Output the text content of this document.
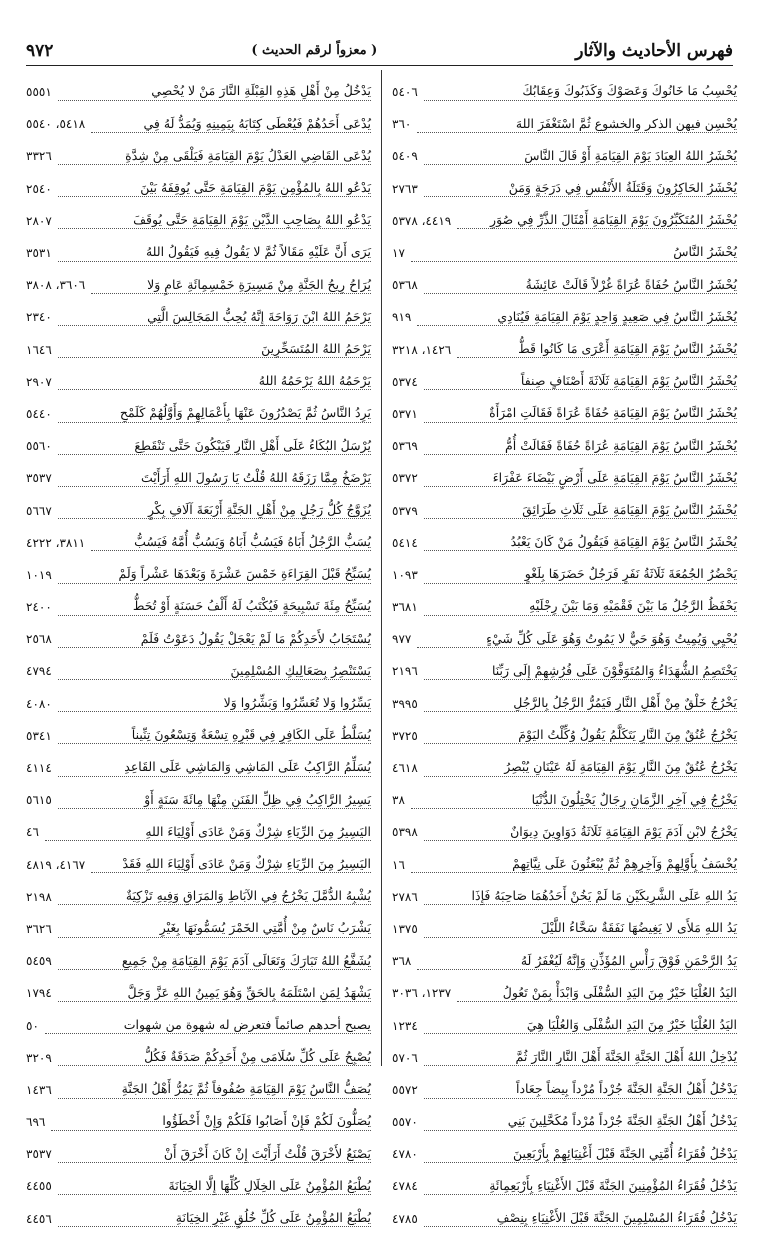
فهرس الأحاديث والآثار
( معزواً لرقم الحديث )
٩٧٢
يُحْسِبُ مَا خَانُوكَ وَعَصَوْكَ وَكَذَبُوكَ وَعِقَابُكَ
٥٤٠٦
يُحْسِن فيهن الذكر والخشوع ثُمَّ اسْتَغْفَرَ اللهَ
٣٦٠
يُحْشَرُ اللهُ العِبَادَ يَوْمَ القِيَامَةِ أَوْ قَالَ النَّاسَ
٥٤٠٩
يُحْشَرُ الحَاكِرُونَ وَقَتَلَةُ الأَنْفُسِ فِي دَرَجَةٍ وَمَنْ
٢٧٦٣
يُحْشَرُ المُتَكَبِّرُونَ يَوْمَ القِيَامَةِ أَمْثَالَ الذَّرِّ فِي صُوَرِ
٤٤١٩، ٥٣٧٨
يُحْشَرُ النَّاسُ
١٧
يُحْشَرُ النَّاسُ حُفَاةً عُرَاةً غُرْلاً قَالَتْ عَائِشَةُ
٥٣٦٨
يُحْشَرُ النَّاسُ فِي صَعِيدٍ وَاحِدٍ يَوْمَ القِيَامَةِ فَيُنَادِي
٩١٩
يُحْشَرُ النَّاسُ يَوْمَ القِيَامَةِ أَعْرَى مَا كَانُوا قَطُّ
١٤٢٦، ٣٢١٨
يُحْشَرُ النَّاسُ يَوْمَ القِيَامَةِ ثَلَاثَةَ أَصْنَافٍ صِنفاً
٥٣٧٤
يُحْشَرُ النَّاسُ يَوْمَ القِيَامَةِ حُفَاةً عُرَاةً فَقَالَتِ امْرَأَةٌ
٥٣٧١
يُحْشَرُ النَّاسُ يَوْمَ القِيَامَةِ عُرَاةً حُفَاةً فَقَالَتْ أُمُّ
٥٣٦٩
يُحْشَرُ النَّاسُ يَوْمَ القِيَامَةِ عَلَى أَرْضٍ بَيْضَاءَ عَفْرَاءَ
٥٣٧٢
يُحْشَرُ النَّاسُ يَوْمَ القِيَامَةِ عَلَى ثَلَاثِ طَرَائِقَ
٥٣٧٩
يُحْشَرُ النَّاسُ يَوْمَ القِيَامَةِ فَيَقُولُ مَنْ كَانَ يَعْبُدُ
٥٤١٤
يَحْضُرُ الجُمُعَةَ ثَلَاثَةُ نَفَرٍ فَرَجُلٌ حَضَرَهَا بِلَغْوٍ
١٠٩٣
يَحْفَظُ الرَّجُلُ مَا بَيْنَ فَقْمَيْهِ وَمَا بَيْنَ رِجْلَيْهِ
٣٦٨١
يُحْيِي وَيُمِيتُ وَهُوَ حَيٌّ لا يَمُوتُ وَهُوَ عَلَى كُلِّ شَيْءٍ
٩٧٧
يَخْتَصِمُ الشُّهَدَاءُ وَالمُتَوَفَّوْنَ عَلَى فُرُشِهِمْ إِلَى رَبِّنَا
٢١٩٦
يَخْرُجُ خَلْقٌ مِنْ أَهْلِ النَّارِ فَيَمُرُّ الرَّجُلُ بِالرَّجُلِ
٣٩٩٥
يَخْرُجُ عُنُقٌ مِنَ النَّارِ يَتَكَلَّمُ يَقُولُ وُكِّلْتُ اليَوْمَ
٣٧٢٥
يَخْرُجُ عُنُقٌ مِنَ النَّارِ يَوْمَ القِيَامَةِ لَهُ عَيْنَانِ يُبْصِرُ
٤٦١٨
يَخْرُجُ فِي آخِرِ الزَّمَانِ رِجَالٌ يَخْتِلُونَ الدُّنْيَا
٣٨
يَخْرُجُ لابْنِ آدَمَ يَوْمَ القِيَامَةِ ثَلَاثَةُ دَوَاوِينَ دِيوَانٌ
٥٣٩٨
يُخْسَفُ بِأَوَّلِهِمْ وَآخِرِهِمْ ثُمَّ يُبْعَثُونَ عَلَى نِيَّاتِهِمْ
١٦
يَدُ اللهِ عَلَى الشَّرِيكَيْنِ مَا لَمْ يَخُنْ أَحَدُهُمَا صَاحِبَهُ فَإِذَا
٢٧٨٦
يَدُ اللهِ مَلأَى لا يَغِيضُهَا نَفَقَةٌ سَحَّاءُ اللَّيْلَ
١٣٧٥
يَدُ الرَّحْمَنِ فَوْقَ رَأْسِ المُؤَذِّنِ وَإِنَّهُ لَيُغْفَرُ لَهُ
٣٦٨
اليَدُ العُلْيَا خَيْرٌ مِنَ اليَدِ السُّفْلَى وَابْدَأْ بِمَنْ تَعُولُ
١٢٣٧، ٣٠٣٦
اليَدُ العُلْيَا خَيْرٌ مِنَ اليَدِ السُّفْلَى وَالعُلْيَا هِيَ
١٢٣٤
يُدْخِلُ اللهُ أَهْلَ الجَنَّةِ الجَنَّةَ أَهْلَ النَّارِ النَّارَ ثُمَّ
٥٧٠٦
يَدْخُلُ أَهْلُ الجَنَّةِ الجَنَّةَ جُرْداً مُرْداً بِيضاً جِعَاداً
٥٥٧٢
يَدْخُلُ أَهْلُ الجَنَّةِ الجَنَّةَ جُرْداً مُرْداً مُكَحَّلِينَ بَنِي
٥٥٧٠
يَدْخُلُ فُقَرَاءُ أُمَّتِي الجَنَّةَ قَبْلَ أَغْنِيَائِهِمْ بِأَرْبَعِينَ
٤٧٨٠
يَدْخُلُ فُقَرَاءُ المُؤْمِنِينَ الجَنَّةَ قَبْلَ الأَغْنِيَاءِ بِأَرْبَعِمِائَةِ
٤٧٨٤
يَدْخُلُ فُقَرَاءُ المُسْلِمِينَ الجَنَّةَ قَبْلَ الأَغْنِيَاءِ بِنِصْفِ
٤٧٨٥
يَدْخُلُ مِنْ أَهْلِ هَذِهِ القِبْلَةِ النَّارَ مَنْ لا يُحْصِي
٥٥٥١
يُدْعَى أَحَدُهُمْ فَيُعْطَى كِتَابَهُ بِيَمِينِهِ وَيُمَدُّ لَهُ فِي
٥٤١٨، ٥٥٤٠
يُدْعَى القَاضِي العَدْلُ يَوْمَ القِيَامَةِ فَيَلْقَى مِنْ شِدَّةِ
٣٣٢٦
يَدْعُو اللهُ بِالمُؤْمِنِ يَوْمَ القِيَامَةِ حَتَّى يُوقِفَهُ بَيْنَ
٢٥٤٠
يَدْعُو اللهُ بِصَاحِبِ الدَّيْنِ يَوْمَ القِيَامَةِ حَتَّى يُوقَفَ
٢٨٠٧
يَرَى أَنَّ عَلَيْهِ مَقَالاً ثُمَّ لا يَقُولُ فِيهِ فَيَقُولُ اللهُ
٣٥٣١
يُرَاحُ رِيحُ الجَنَّةِ مِنْ مَسِيرَةِ خَمْسِمِائَةِ عَامٍ وَلا
٣٦٠٦، ٣٨٠٨
يَرْحَمُ اللهُ ابْنَ رَوَاحَةَ إِنَّهُ يُحِبُّ المَجَالِسَ الَّتِي
٢٣٤٠
يَرْحَمُ اللهُ المُتَسَحِّرِينَ
١٦٤٦
يَرْحَمُهُ اللهُ يَرْحَمُهُ اللهُ
٢٩٠٧
يَرِدُ النَّاسُ ثُمَّ يَصْدُرُونَ عَنْهَا بِأَعْمَالِهِمْ وَأَوَّلُهُمْ كَلَمْحِ
٥٤٤٠
يُرْسَلُ البُكَاءُ عَلَى أَهْلِ النَّارِ فَيَبْكُونَ حَتَّى تَنْقَطِعَ
٥٥٦٠
يَرْضَخُ مِمَّا رَزَقَهُ اللهُ قُلْتُ يَا رَسُولَ اللهِ أَرَأَيْتَ
٣٥٣٧
يُزَوَّجُ كُلُّ رَجُلٍ مِنْ أَهْلِ الجَنَّةِ أَرْبَعَةَ آلَافِ بِكْرٍ
٥٦٦٧
يُسَبُّ الرَّجُلُ أَبَاهُ فَيَسُبُّ أَبَاهُ وَيَسُبُّ أُمَّهُ فَيَسُبُّ
٣٨١١، ٤٢٢٢
يُسَبِّحُ قَبْلَ القِرَاءَةِ خَمْسَ عَشْرَةَ وَبَعْدَهَا عَشْراً وَلَمْ
١٠١٩
يُسَبِّحُ مِئَةَ تَسْبِيحَةٍ فَيُكْتَبُ لَهُ أَلْفُ حَسَنَةٍ أَوْ تُحَطُّ
٢٤٠٠
يُسْتَجَابُ لأَحَدِكُمْ مَا لَمْ يَعْجَلْ يَقُولُ دَعَوْتُ فَلَمْ
٢٥٦٨
يَسْتَنْصِرُ بِصَعَالِيكِ المُسْلِمِينَ
٤٧٩٤
يَسِّرُوا وَلا تُعَسِّرُوا وَبَشِّرُوا وَلا
٤٠٨٠
يُسَلَّطُ عَلَى الكَافِرِ فِي قَبْرِهِ تِسْعَةٌ وَتِسْعُونَ تِنِّيناً
٥٣٤١
يُسَلِّمُ الرَّاكِبُ عَلَى المَاشِي وَالمَاشِي عَلَى القَاعِدِ
٤١١٤
يَسِيرُ الرَّاكِبُ فِي ظِلِّ الفَنَنِ مِنْهَا مِائَةَ سَنَةٍ أَوْ
٥٦١٥
اليَسِيرُ مِنَ الرِّيَاءِ شِرْكٌ وَمَنْ عَادَى أَوْلِيَاءَ اللهِ
٤٦
اليَسِيرُ مِنَ الرِّيَاءِ شِرْكٌ وَمَنْ عَادَى أَوْلِيَاءَ اللهِ فَقَدْ
٤١٦٧، ٤٨١٩
يُشْبِهُ الدُّمَّلَ يَخْرُجُ فِي الآبَاطِ وَالمَرَاقِ وَفِيهِ تَزْكِيَةٌ
٢١٩٨
يَشْرَبُ نَاسٌ مِنْ أُمَّتِي الخَمْرَ يُسَمُّونَهَا بِغَيْرِ
٣٦٢٦
يُشَفَّعُ اللهُ تَبَارَكَ وَتَعَالَى آدَمَ يَوْمَ القِيَامَةِ مِنْ جَمِيعِ
٥٤٥٩
يَشْهَدُ لِمَنِ اسْتَلَمَهُ بِالحَقِّ وَهُوَ يَمِينُ اللهِ عَزَّ وَجَلَّ
١٧٩٤
يصبح أحدهم صائماً فتعرض له شهوة من شهوات
٥٠
يُصْبِحُ عَلَى كُلِّ سُلَامَى مِنْ أَحَدِكُمْ صَدَقَةٌ فَكُلُّ
٣٢٠٩
يُصَفُّ النَّاسُ يَوْمَ القِيَامَةِ صُفُوفاً ثُمَّ يَمُرُّ أَهْلُ الجَنَّةِ
١٤٣٦
يُصَلُّونَ لَكُمْ فَإِنْ أَصَابُوا فَلَكُمْ وَإِنْ أَخْطَؤُوا
٦٩٦
يَصْنَعُ لأَخْرَقَ قُلْتُ أَرَأَيْتَ إِنْ كَانَ أَخْرَقَ أَنْ
٣٥٣٧
يُطْبَعُ المُؤْمِنُ عَلَى الخِلَالِ كُلِّهَا إِلَّا الخِيَانَةَ
٤٤٥٥
يُطْبَعُ المُؤْمِنُ عَلَى كُلِّ خُلُقٍ غَيْرِ الخِيَانَةِ
٤٤٥٦
